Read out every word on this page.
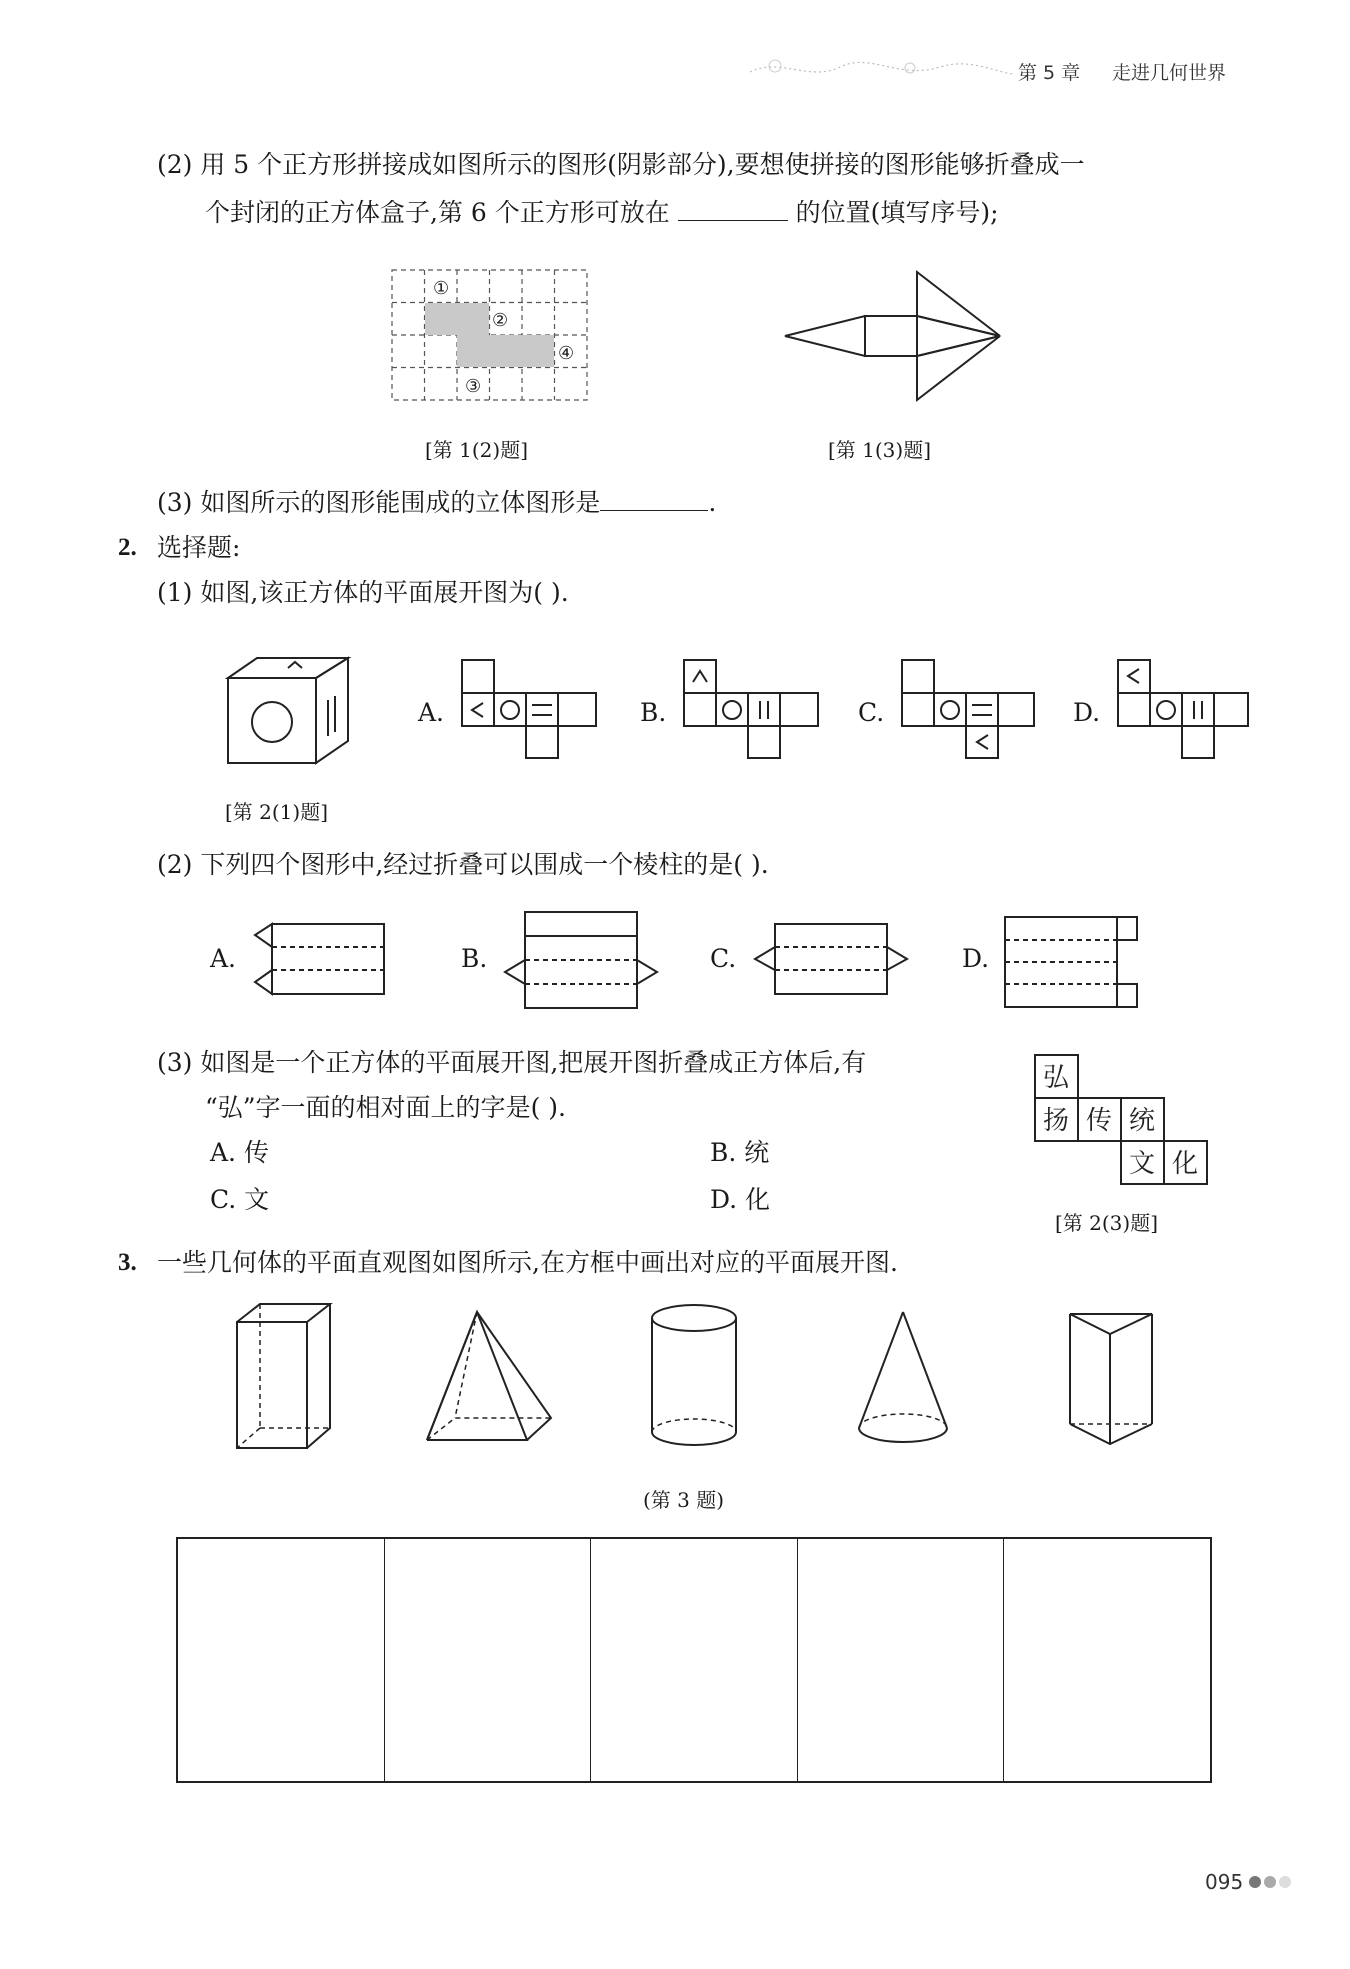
第 5 章 走进几何世界
(2) 用 5 个正方形拼接成如图所示的图形(阴影部分),要想使拼接的图形能够折叠成一
个封闭的正方体盒子,第 6 个正方形可放在	的位置(填写序号);
①
②
③
④
[第 1(2)题]	[第 1(3)题]
(3) 如图所示的图形能围成的立体图形是	.
2. 选择题:
(1) 如图,该正方体的平面展开图为( ).
A.	B.	C.	D.
[第 2(1)题]
(2) 下列四个图形中,经过折叠可以围成一个棱柱的是( ).
A.	B.	C.	D.
(3) 如图是一个正方体的平面展开图,把展开图折叠成正方体后,有
“弘”字一面的相对面上的字是( ).
A. 传	B. 统
C. 文	D. 化
弘
扬 传 统
文 化
[第 2(3)题]
3. 一些几何体的平面直观图如图所示,在方框中画出对应的平面展开图.
(第 3 题)
095
